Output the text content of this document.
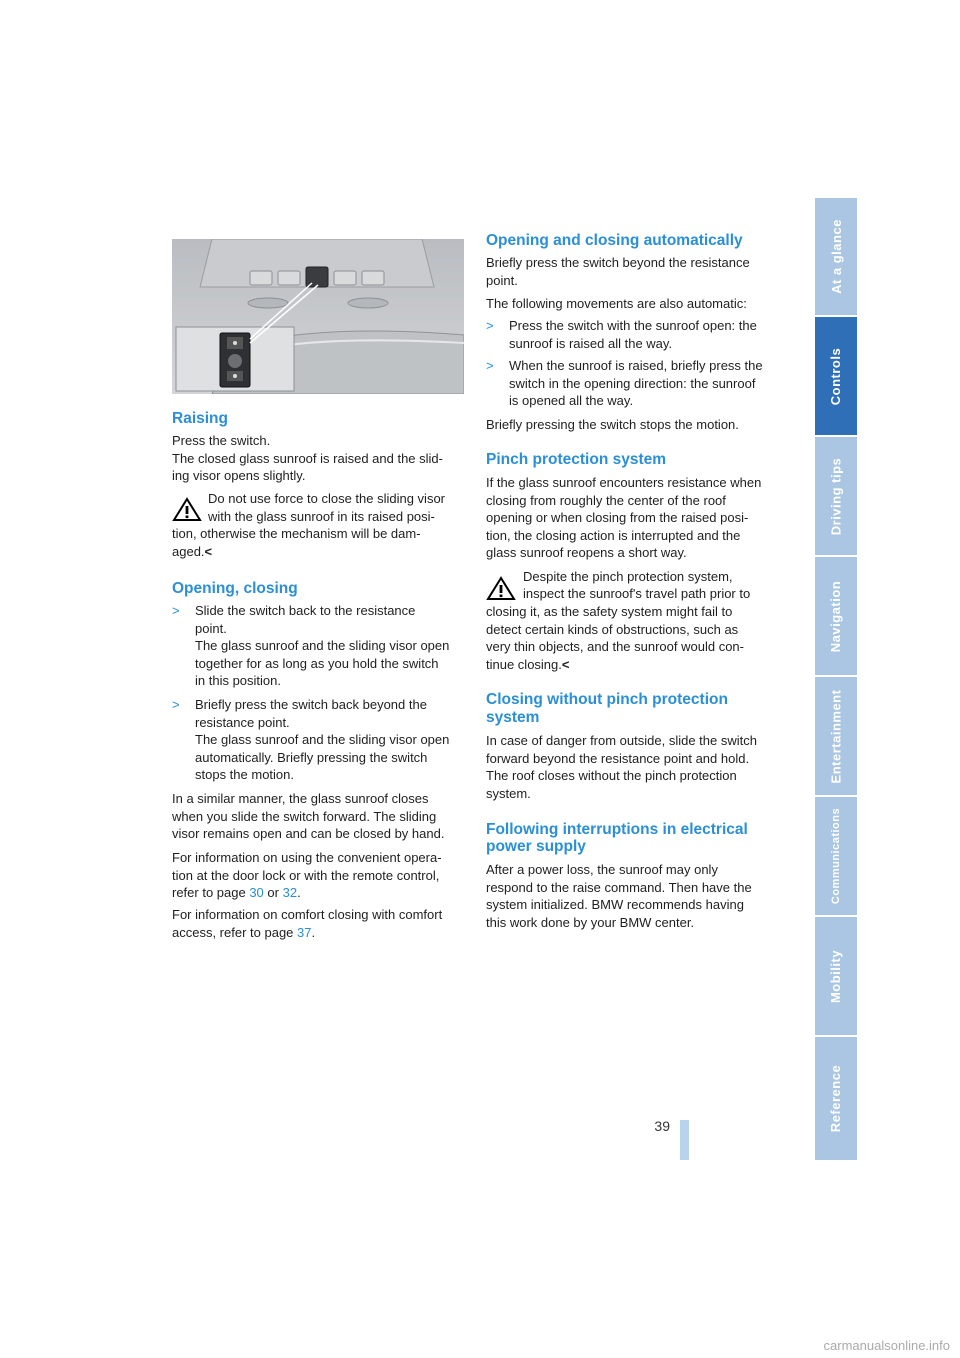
Raising

Press the switch.

The closed glass sunroof is raised and the slid-

ing visor opens slightly.

Do not use force to close the sliding visor

with the glass sunroof in its raised posi-

tion, otherwise the mechanism will be dam-

aged.<

Opening, closing
> Slide the switch back to the resistance
point.
The glass sunroof and the sliding visor open
together for as long as you hold the switch
in this position.
> Briefly press the switch back beyond the
resistance point.
The glass sunroof and the sliding visor open
automatically. Briefly pressing the switch
stops the motion.
In a similar manner, the glass sunroof closes
when you slide the switch forward. The sliding
visor remains open and can be closed by hand.
For information on using the convenient opera-
tion at the door lock or with the remote control,
refer to page 30 or 32.
For information on comfort closing with comfort
access, refer to page 37.
Opening and closing automatically
Briefly press the switch beyond the resistance
point.

The following movements are also automatic:

> Press the switch with the sunroof open: the
sunroof is raised all the way.
> When the sunroof is raised, briefly press the
switch in the opening direction: the sunroof
is opened all the way.

Briefly pressing the switch stops the motion.

Pinch protection system
If the glass sunroof encounters resistance when
closing from roughly the center of the roof
opening or when closing from the raised posi-
tion, the closing action is interrupted and the
glass sunroof reopens a short way.

Despite the pinch protection system,

inspect the sunroof's travel path prior to

closing it, as the safety system might fail to

detect certain kinds of obstructions, such as

very thin objects, and the sunroof would con-

tinue closing.<

Closing without pinch protection
system
In case of danger from outside, slide the switch
forward beyond the resistance point and hold.
The roof closes without the pinch protection
system.
Following interruptions in electrical
power supply
After a power loss, the sunroof may only
respond to the raise command. Then have the
system initialized. BMW recommends having
this work done by your BMW center.
At a glance
Controls
Driving tips
Navigation
Entertainment
Communications
Mobility
Reference
39
carmanualsonline.info
